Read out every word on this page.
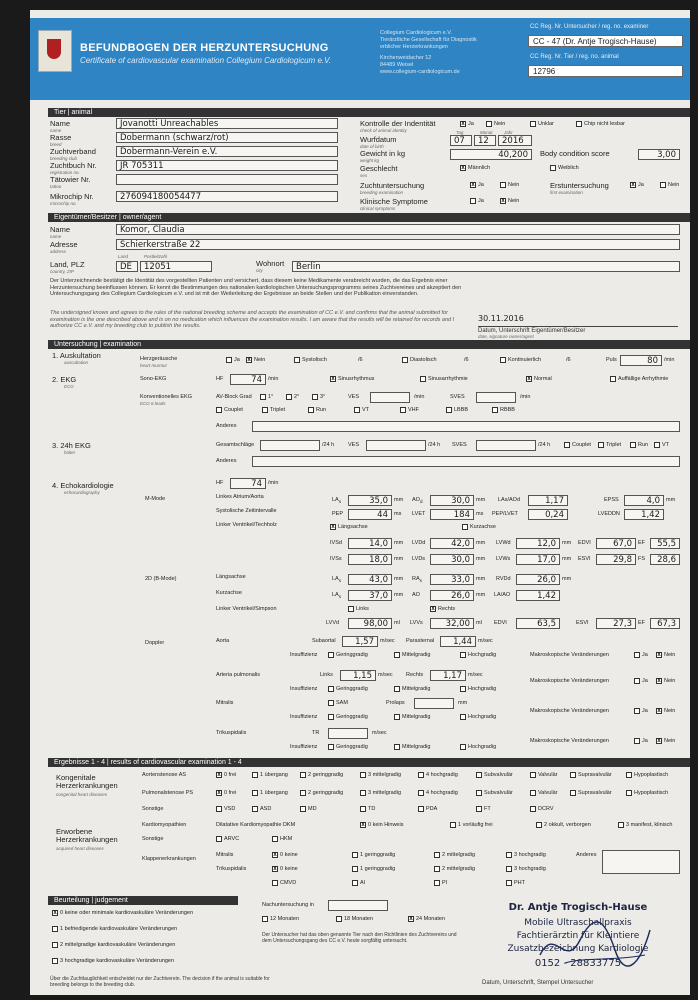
BEFUNDBOGEN DER HERZUNTERSUCHUNG
Certificate of cardiovascular examination Collegium Cardiologicum e.V.
Collegium Cardiologicum e.V.
Tierärztliche Gesellschaft für Diagnostik
erblicher Herzerkrankungen
Kirchenweidacher 12
84489 Weisel
www.collegium-cardiologicum.de
CC Reg. Nr. Untersucher / reg. no. examiner
CC - 47 (Dr. Antje Trogisch-Hause)
CC Reg. Nr. Tier / reg. no. animal
12796
Tier | animal
Name
name
Jovanotti Unreachables
Rasse
breed
Dobermann (schwarz/rot)
Zuchtverband
breeding club
Dobermann-Verein e.V.
Zuchtbuch Nr.
registration no.
JR 705311
Tätowier Nr.
tattoo
Mikrochip Nr.
microchip no.
276094180054477
Kontrolle der Indentität
check of animal identity
x Ja	Nein	Unklar	Chip nicht lesbar
Wurfdatum
date of birth
Tag	Monat	Jahr
07	12	2016
Gewicht in kg
weight kg
40,200	Body condition score	3,00
Geschlecht
sex
x Männlich	Weiblich
Zuchtuntersuchung
breeding examination
x Ja	Nein	Erstuntersuchung
first examination
x Ja	Nein
Klinische Symptome
clinical symptoms
Ja	x Nein
Eigentümer/Besitzer | owner/agent
Name
name
Komor, Claudia
Adresse
address
Schierkerstraße 22
Land, PLZ
country, ZIP
Land	Postleitzahl
DE	12051	Wohnort
city	Berlin
Der Unterzeichnende bestätigt die Identität des vorgestellten Patienten und versichert, dass diesem keine Medikamente verabreicht wurden, die das Ergebnis einer Herzuntersuchung beeinflussen können. Er kennt die Bestimmungen des nationalen kardiologischen Untersuchungsprogramms seines Zuchtvereines und akzeptiert den Untersuchungsgang des Collegium Cardiologicum e.V. und ist mit der Weiterleitung der Ergebnisse an beide Stellen und der Publikation einverstanden.
The undersigned knows and agrees to the rules of the national breeding scheme and accepts the examination of CC e.V. and confirms that the animal submitted for examination is the one described above and is on no medication which influences the examination results. I am aware that the results will be retained for records and I authorize CC e.V. and my breeding club to publish the results.
30.11.2016
Datum, Unterschrift Eigentümer/Besitzer
date, signature owner/agent
Untersuchung | examination
1. Auskultation
auscultation
Herzgeräusche
heart murmur
Ja x Nein	Systolisch	/6	Diastolisch	/6	Kontinuierlich	/6	Puls	80	/min
2. EKG
ECG
Sono-EKG	HF	74	/min	x Sinusrhythmus	Sinusarrhythmie	x Normal	Auffällige Arrhythmie
Konventionelles EKG
ECG 6 leads
AV-Block Grad	1°	2°	3°	VES	/min	SVES	/min
Couplet	Triplet	Run	VT	VHF	LBBB	RBBB
Anderes
3. 24h EKG
holter
Gesamtschläge	/24 h	VES	/24 h SVES	/24 h	Couplet	Triplet	Run	VT
Anderes
4. Echokardiologie
echocardiography
HF	74	/min
M-Mode	Linkes Atrium/Aorta
Systolische Zeitintervalle
Linker Ventrikel/Techholz
$LA_s$	35,0	mm $AO_d$	30,0	mm LAs/AOd	1,17	EPSS	4,0	mm
PEP	44	ms LVET	184	ms PEP/LVET	0,24	LVEDDN	1,42
x Längsachse	Kurzachse
IVSd	14,0	mm LVDd	42,0	mm LVWd	12,0	mm EDVI	67,0	EF	55,5
IVSs	18,0	mm LVDs	30,0	mm LVWs	17,0	mm ESVI	29,8	FS	28,6
2D (B-Mode)	Längsachse	$LA_s$	43,0	mm $RA_s$	33,0	mm RVDd	26,0	mm
Kurzachse	$LA_s$	37,0	mm AO	26,0	mm LA/AO	1,42
Linker Ventrikel/Simpson	Links	x Rechts
LVVd	98,00	ml LVVs	32,00	ml EDVI	63,5	ESVI	27,3	EF	67,3
Doppler	Aorta	Subaortal	1,57	m/sec Parasternal	1,44	m/sec
Insuffizienz	Geringgradig	Mittelgradig	Hochgradig	Makroskopische Veränderungen	Ja x Nein
Arteria pulmonalis	Links	1,15	m/sec Rechts	1,17	m/sec
Insuffizienz	Geringgradig	Mittelgradig	Hochgradig
Makroskopische Veränderungen	Ja x Nein
Mitralis	SAM	Prolaps	mm
Insuffizienz	Geringgradig	Mittelgradig	Hochgradig
Makroskopische Veränderungen	Ja x Nein
Trikuspidalis	TR	m/sec
Insuffizienz	Geringgradig	Mittelgradig	Hochgradig
Makroskopische Veränderungen	Ja x Nein
Ergebnisse 1 - 4 | results of cardiovascular examination 1 - 4
Kongenitale Herzerkrankungen
congenital heart diseases
Aortenstenose AS
Pulmonalstenose PS
Sonstige
x 0 frei	1 übergang	2 geringgradig	3 mittelgradig	4 hochgradig	Subvalvulär	Valvulär	Supravalvulär	Hypoplastisch
x 0 frei	1 übergang	2 geringgradig	3 mittelgradig	4 hochgradig	Subvalvulär	Valvulär	Supravalvulär	Hypoplastisch
VSD	ASD	MD	TD	PDA	FT	DCRV
Erworbene Herzerkrankungen
acquired heart diseases
Kardiomyopathien	Dilatative Kardiomyopathie DKM	x 0 kein Hinweis	1 vorläufig frei	2 okkult, verborgen	3 manifest, klinisch
Sonstige	ARVC	HKM
Klappenerkrankungen
Mitralis	x 0 keine	1 geringgradig	2 mittelgradig	3 hochgradig
Trikuspidalis	x 0 keine	1 geringgradig	2 mittelgradig	3 hochgradig
Anderes
CMVD	AI	PI	PHT
Beurteilung | judgement
x 0 keine oder minimale kardiovaskuläre Veränderungen
1 befriedigende kardiovaskuläre Veränderungen
2 mittelgradige kardiovaskuläre Veränderungen
3 hochgradige kardiovaskuläre Veränderungen
Über die Zuchttauglichkeit entscheidet nur der Zuchtverein. The decision if the animal is suitable for breeding belongs to the breeding club.
Nachuntersuchung in
12 Monaten	18 Monaten	x 24 Monaten
Der Untersucher hat das oben genannte Tier nach den Richtlinien des Zuchtvereins und dem Untersuchungsgang des CC e.V. heute sorgfältig untersucht.
Dr. Antje Trogisch-Hause
Mobile Ultraschallpraxis
Fachtierärztin für Kleintiere
Zusatzbezeichnung Kardiologie
0152 - 28833775
Datum, Unterschrift, Stempel Untersucher
